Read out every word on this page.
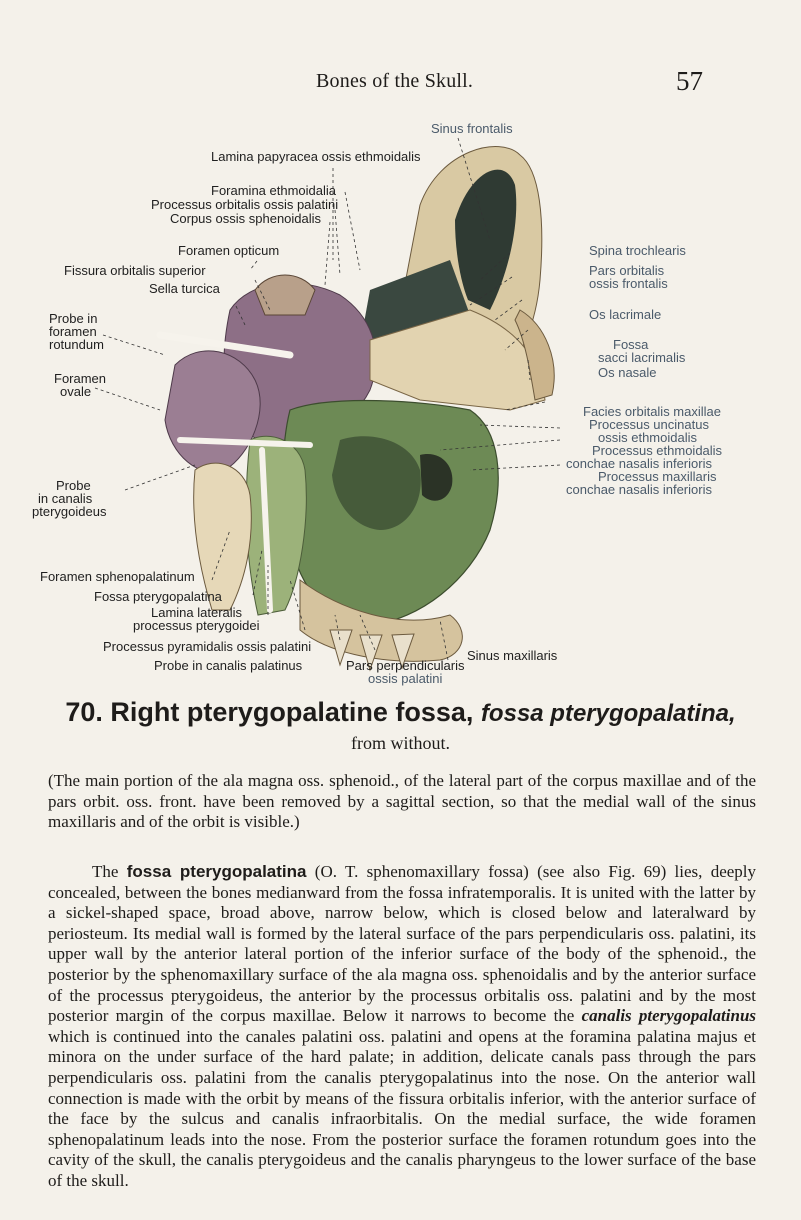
Bones of the Skull.	57
Sinus frontalis
Lamina papyracea ossis ethmoidalis
Foramina ethmoidalia
Processus orbitalis ossis palatini
Corpus ossis sphenoidalis
Foramen opticum
Fissura orbitalis superior
Sella turcica
Probe in
foramen
rotundum
Foramen
ovale
Probe
in canalis
pterygoideus
Foramen sphenopalatinum
Fossa pterygopalatina
Lamina lateralis
processus pterygoidei
Processus pyramidalis ossis palatini
Probe in canalis palatinus	Pars perpendicularis
ossis palatini
Sinus maxillaris
Spina trochlearis
Pars orbitalis
ossis frontalis
Os lacrimale
Fossa
sacci lacrimalis
Os nasale
Facies orbitalis maxillae
Processus uncinatus
ossis ethmoidalis
Processus ethmoidalis
conchae nasalis inferioris
Processus maxillaris
conchae nasalis inferioris
70. Right pterygopalatine fossa, fossa pterygopalatina,
from without.
(The main portion of the ala magna oss. sphenoid., of the lateral part of the corpus maxillae and of the pars orbit. oss. front. have been removed by a sagittal section, so that the medial wall of the sinus maxillaris and of the orbit is visible.)

The fossa pterygopalatina (O. T. sphenomaxillary fossa) (see also Fig. 69) lies, deeply concealed, between the bones medianward from the fossa infratemporalis. It is united with the latter by a sickel-shaped space, broad above, narrow below, which is closed below and lateralward by periosteum. Its medial wall is formed by the lateral surface of the pars perpendicularis oss. palatini, its upper wall by the anterior lateral portion of the inferior surface of the body of the sphenoid., the posterior by the sphenomaxillary surface of the ala magna oss. sphenoidalis and by the anterior surface of the processus pterygoideus, the anterior by the processus orbitalis oss. palatini and by the most posterior margin of the corpus maxillae. Below it narrows to become the canalis pterygopalatinus which is continued into the canales palatini oss. palatini and opens at the foramina palatina majus et minora on the under surface of the hard palate; in addition, delicate canals pass through the pars perpendicularis oss. palatini from the canalis pterygopalatinus into the nose. On the anterior wall connection is made with the orbit by means of the fissura orbitalis inferior, with the anterior surface of the face by the sulcus and canalis infraorbitalis. On the medial surface, the wide foramen sphenopalatinum leads into the nose. From the posterior surface the foramen rotundum goes into the cavity of the skull, the canalis pterygoideus and the canalis pharyngeus to the lower surface of the base of the skull.
